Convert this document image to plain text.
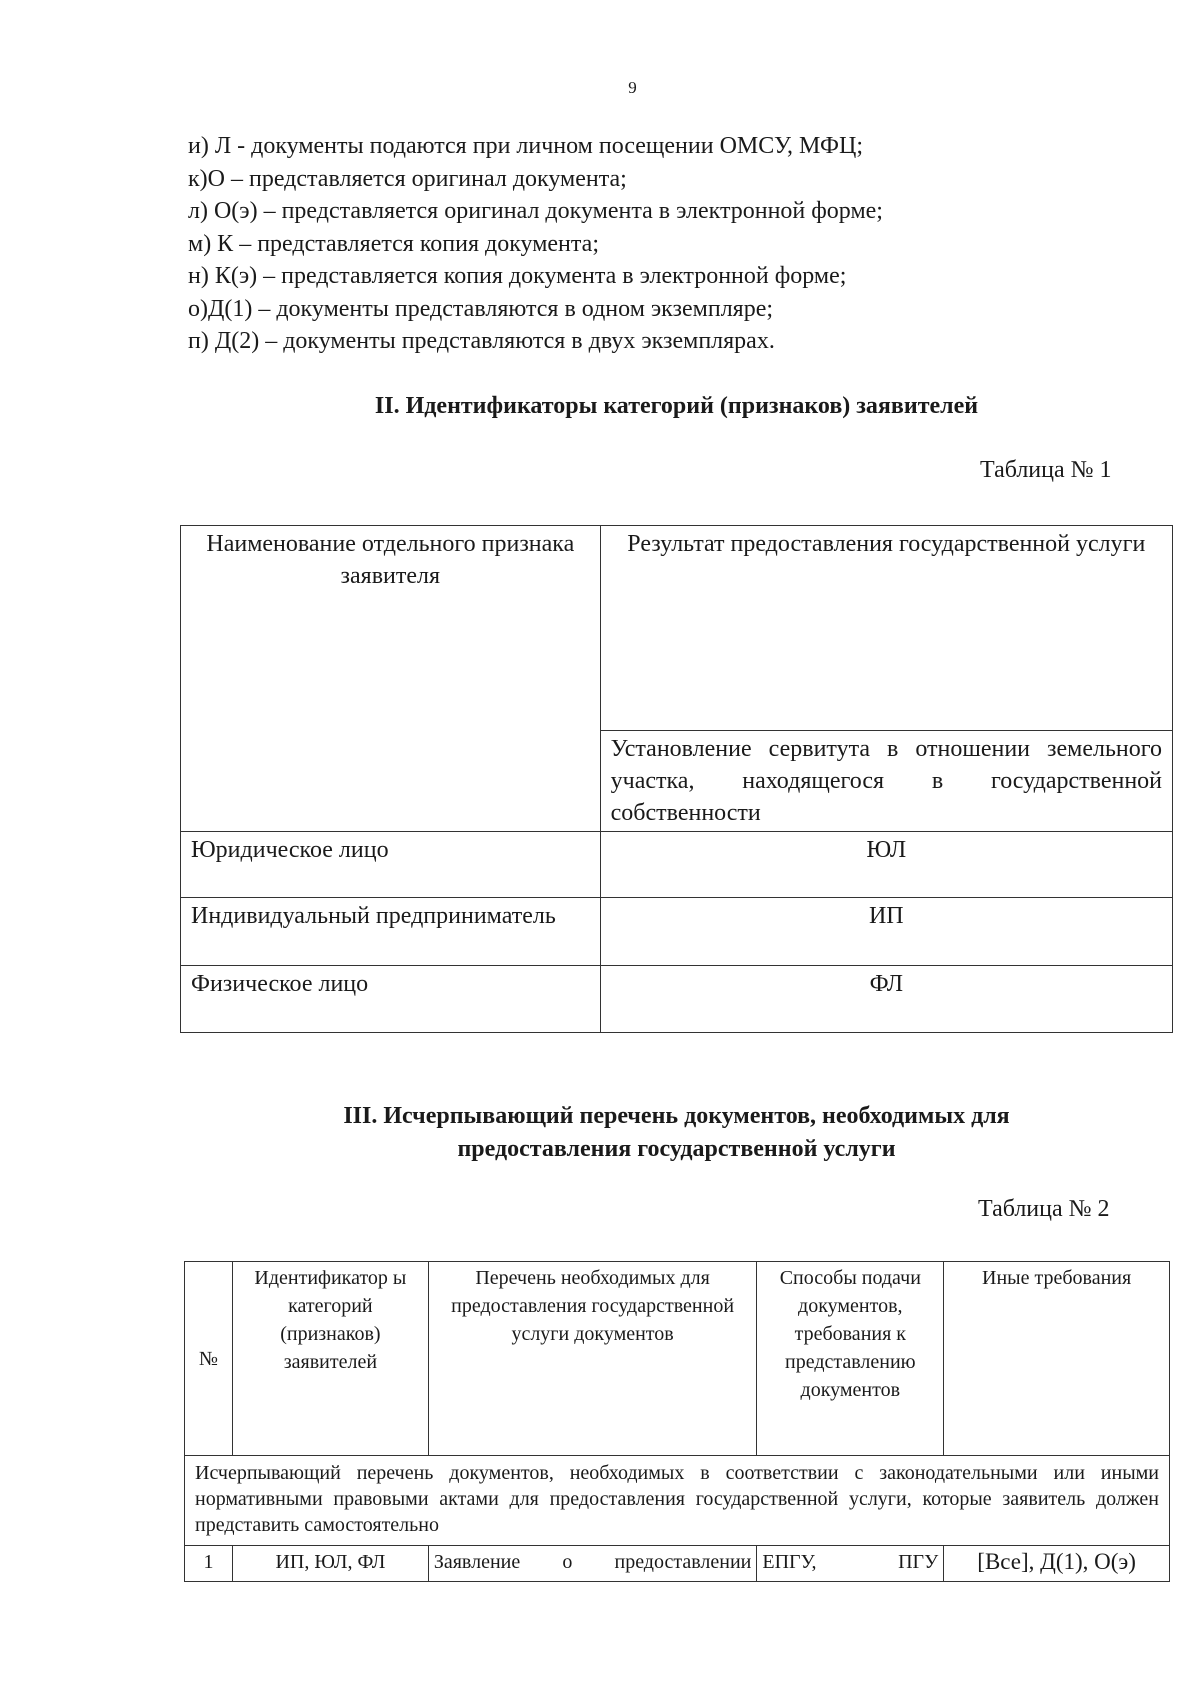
9
и) Л - документы подаются при личном посещении ОМСУ, МФЦ;
к)О – представляется оригинал документа;
л) О(э) – представляется оригинал документа в электронной форме;
м) К – представляется копия документа;
н) К(э) – представляется копия документа в электронной форме;
о)Д(1) – документы представляются в одном экземпляре;
п) Д(2) – документы представляются в двух экземплярах.
II. Идентификаторы категорий (признаков) заявителей
Таблица № 1
Наименование отдельного признака заявителя	Результат предоставления государственной услуги
	Установление сервитута в отношении земельного участка, находящегося в государственной собственности
Юридическое лицо	ЮЛ
Индивидуальный предприниматель	ИП
Физическое лицо	ФЛ
III. Исчерпывающий перечень документов, необходимых для
предоставления государственной услуги
Таблица № 2
№	Идентификатор ы категорий (признаков) заявителей	Перечень необходимых для предоставления государственной услуги документов	Способы подачи документов, требования к представлению документов	Иные требования
Исчерпывающий перечень документов, необходимых в соответствии с законодательными или иными нормативными правовыми актами для предоставления государственной услуги, которые заявитель должен представить самостоятельно				
1	ИП, ЮЛ, ФЛ	Заявление о предоставлении	ЕПГУ, ПГУ	[Все], Д(1), О(э)
